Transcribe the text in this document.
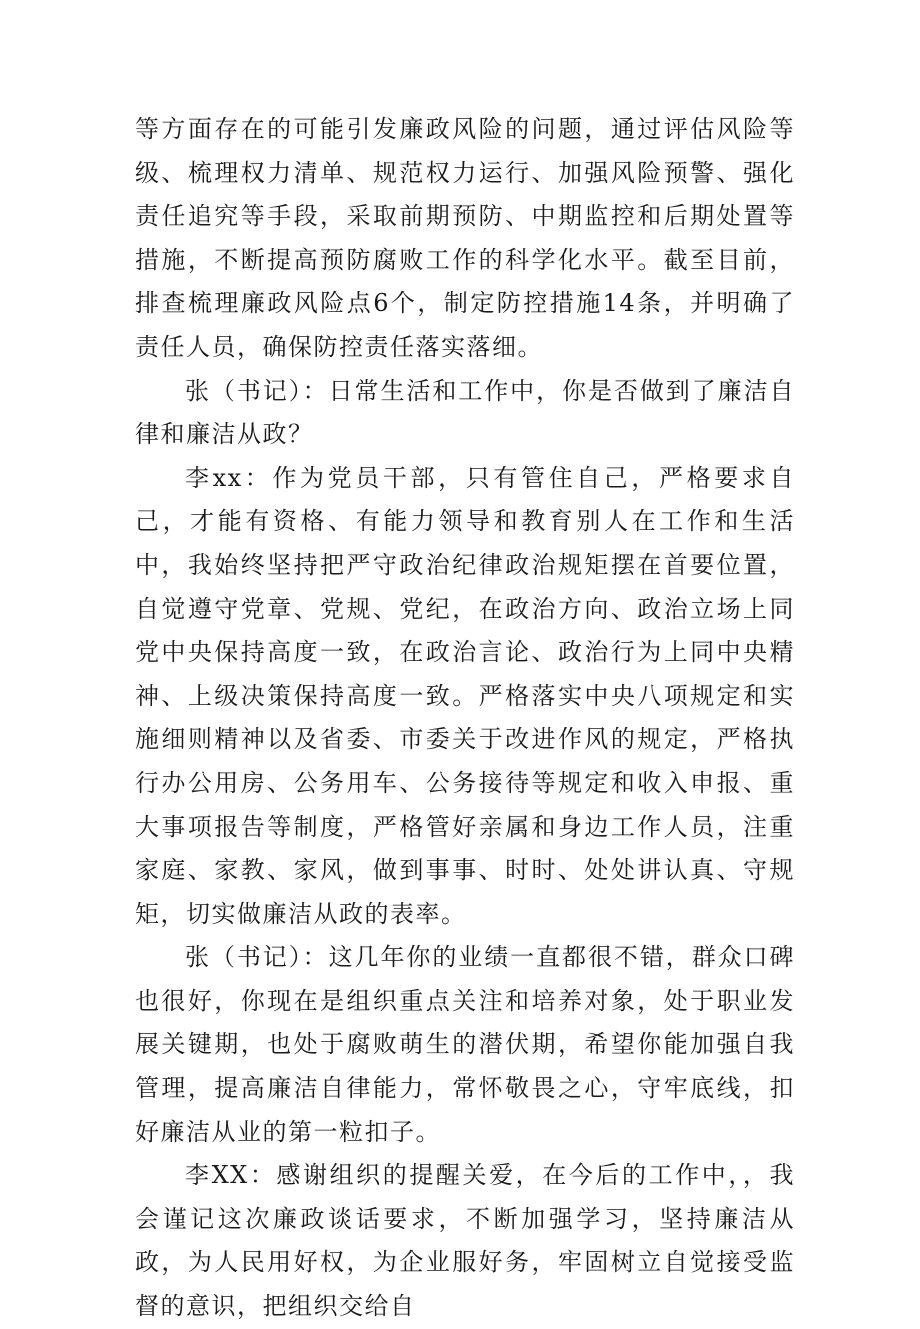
等方面存在的可能引发廉政风险的问题，通过评估风险等级、梳理权力清单、规范权力运行、加强风险预警、强化责任追究等手段，采取前期预防、中期监控和后期处置等措施，不断提高预防腐败工作的科学化水平。截至目前，排查梳理廉政风险点6个，制定防控措施14条，并明确了责任人员，确保防控责任落实落细。

张（书记）：日常生活和工作中，你是否做到了廉洁自律和廉洁从政？

李xx：作为党员干部，只有管住自己，严格要求自己，才能有资格、有能力领导和教育别人在工作和生活中，我始终坚持把严守政治纪律政治规矩摆在首要位置，自觉遵守党章、党规、党纪，在政治方向、政治立场上同党中央保持高度一致，在政治言论、政治行为上同中央精神、上级决策保持高度一致。严格落实中央八项规定和实施细则精神以及省委、市委关于改进作风的规定，严格执行办公用房、公务用车、公务接待等规定和收入申报、重大事项报告等制度，严格管好亲属和身边工作人员，注重家庭、家教、家风，做到事事、时时、处处讲认真、守规矩，切实做廉洁从政的表率。

张（书记）：这几年你的业绩一直都很不错，群众口碑也很好，你现在是组织重点关注和培养对象，处于职业发展关键期，也处于腐败萌生的潜伏期，希望你能加强自我管理，提高廉洁自律能力，常怀敬畏之心，守牢底线，扣好廉洁从业的第一粒扣子。

李XX：感谢组织的提醒关爱，在今后的工作中，，我会谨记这次廉政谈话要求，不断加强学习，坚持廉洁从政，为人民用好权，为企业服好务，牢固树立自觉接受监督的意识，把组织交给自
